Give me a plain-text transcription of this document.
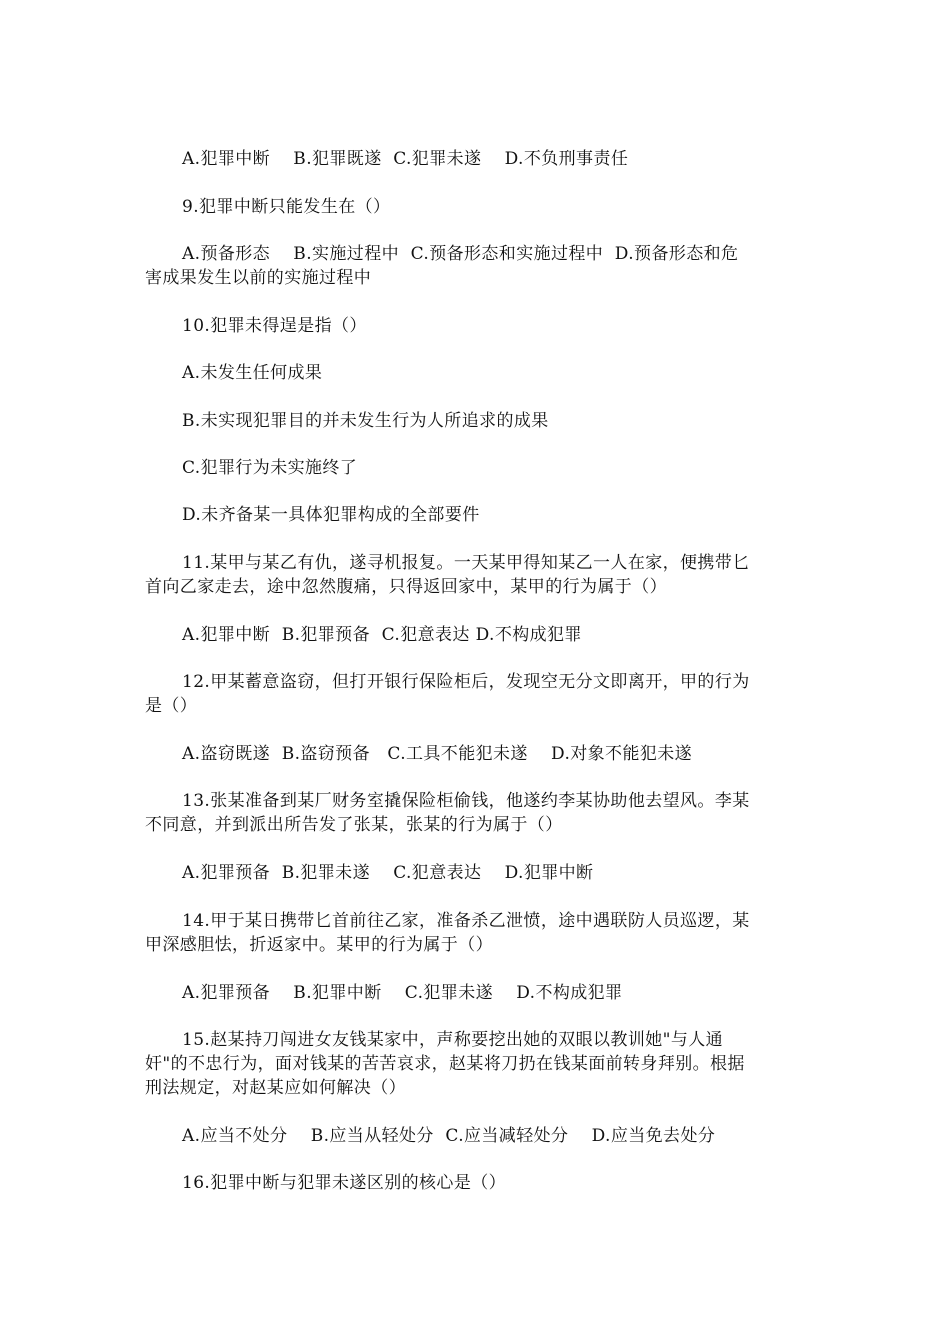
A.犯罪中断    B.犯罪既遂  C.犯罪未遂    D.不负刑事责任
9.犯罪中断只能发生在（）
A.预备形态    B.实施过程中  C.预备形态和实施过程中  D.预备形态和危
害成果发生以前的实施过程中
10.犯罪未得逞是指（）
A.未发生任何成果
B.未实现犯罪目的并未发生行为人所追求的成果
C.犯罪行为未实施终了
D.未齐备某一具体犯罪构成的全部要件
11.某甲与某乙有仇，遂寻机报复。一天某甲得知某乙一人在家，便携带匕
首向乙家走去，途中忽然腹痛，只得返回家中，某甲的行为属于（）
A.犯罪中断  B.犯罪预备  C.犯意表达 D.不构成犯罪
12.甲某蓄意盗窃，但打开银行保险柜后，发现空无分文即离开，甲的行为
是（）
A.盗窃既遂  B.盗窃预备   C.工具不能犯未遂    D.对象不能犯未遂
13.张某准备到某厂财务室撬保险柜偷钱，他遂约李某协助他去望风。李某
不同意，并到派出所告发了张某，张某的行为属于（）
A.犯罪预备  B.犯罪未遂    C.犯意表达    D.犯罪中断
14.甲于某日携带匕首前往乙家，准备杀乙泄愤，途中遇联防人员巡逻，某
甲深感胆怯，折返家中。某甲的行为属于（）
A.犯罪预备    B.犯罪中断    C.犯罪未遂    D.不构成犯罪
15.赵某持刀闯进女友钱某家中，声称要挖出她的双眼以教训她"与人通
奸"的不忠行为，面对钱某的苦苦哀求，赵某将刀扔在钱某面前转身拜别。根据
刑法规定，对赵某应如何解决（）
A.应当不处分    B.应当从轻处分  C.应当减轻处分    D.应当免去处分
16.犯罪中断与犯罪未遂区别的核心是（）
